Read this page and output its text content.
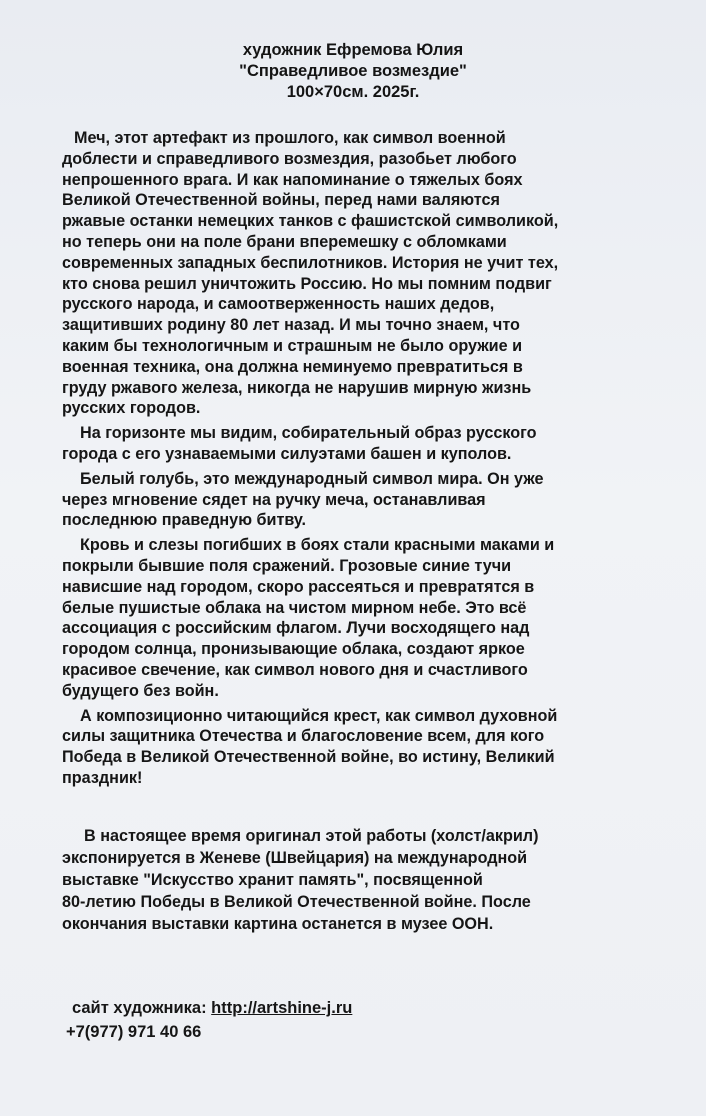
художник Ефремова Юлия
"Справедливое возмездие"
100×70см. 2025г.

Меч, этот артефакт из прошлого, как символ военной
доблести и справедливого возмездия, разобьет любого
непрошенного врага. И как напоминание о тяжелых боях
Великой Отечественной войны, перед нами валяются
ржавые останки немецких танков с фашистской символикой,
но теперь они на поле брани вперемешку с обломками
современных западных беспилотников. История не учит тех,
кто снова решил уничтожить Россию. Но мы помним подвиг
русского народа, и самоотверженность наших дедов,
защитивших родину 80 лет назад. И мы точно знаем, что
каким бы технологичным и страшным не было оружие и
военная техника, она должна неминуемо превратиться в
груду ржавого железа, никогда не нарушив мирную жизнь
русских городов.

На горизонте мы видим, собирательный образ русского
города с его узнаваемыми силуэтами башен и куполов.

Белый голубь, это международный символ мира. Он уже
через мгновение сядет на ручку меча, останавливая
последнюю праведную битву.

Кровь и слезы погибших в боях стали красными маками и
покрыли бывшие поля сражений. Грозовые синие тучи
нависшие над городом, скоро рассеяться и превратятся в
белые пушистые облака на чистом мирном небе. Это всё
ассоциация с российским флагом. Лучи восходящего над
городом солнца, пронизывающие облака, создают яркое
красивое свечение, как символ нового дня и счастливого
будущего без войн.

А композиционно читающийся крест, как символ духовной
силы защитника Отечества и благословение всем, для кого
Победа в Великой Отечественной войне, во истину, Великий
праздник!

В настоящее время оригинал этой работы (холст/акрил)
экспонируется в Женеве (Швейцария) на международной
выставке "Искусство хранит память", посвященной
80-летию Победы в Великой Отечественной войне. После
окончания выставки картина останется в музее ООН.
сайт художника: http://artshine-j.ru
+7(977) 971 40 66
